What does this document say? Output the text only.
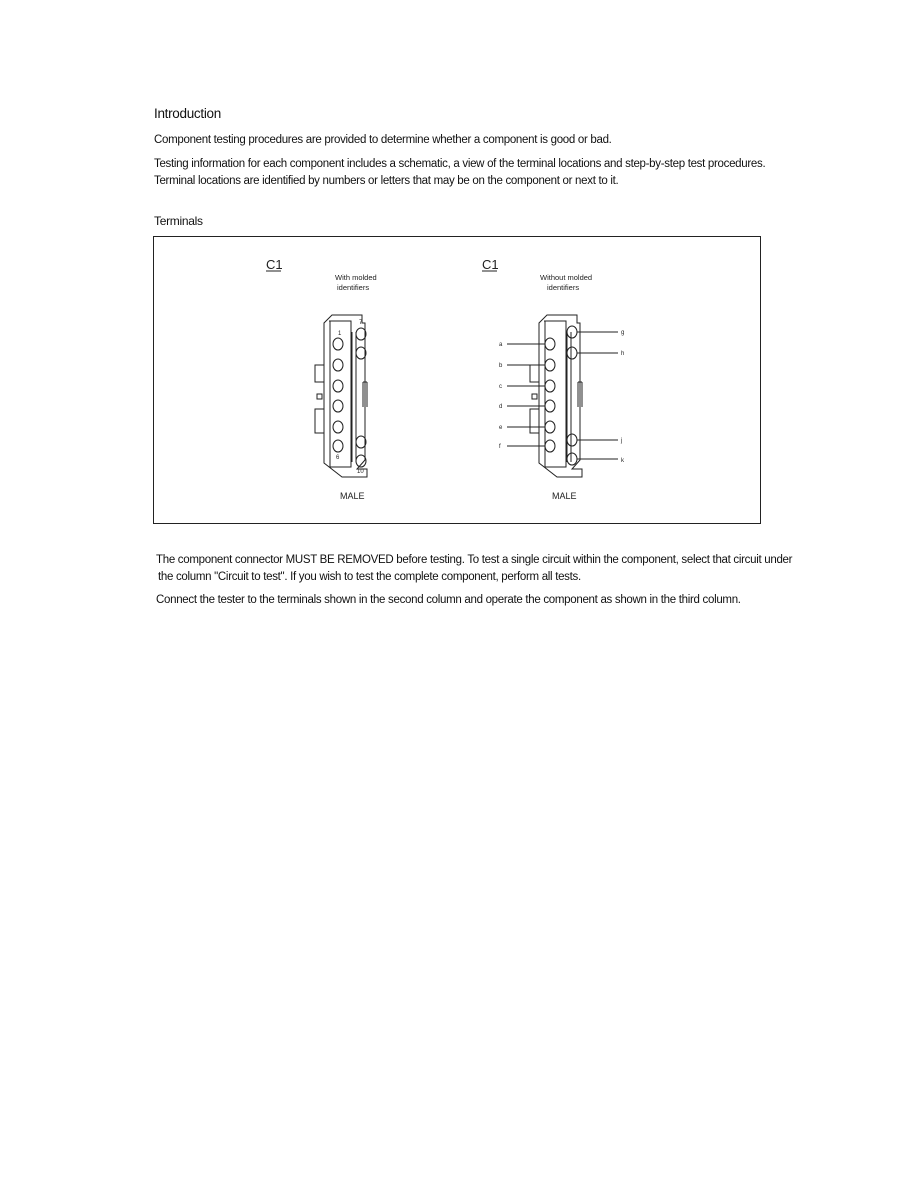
Introduction
Component testing procedures are provided to determine whether a component is good or bad.
Testing information for each component includes a schematic, a view of the terminal locations and step-by-step test procedures.
Terminal locations are identified by numbers or letters that may be on the component or next to it.
Terminals
C1
With molded
identifiers
7
1
6
10
MALE
C1
Without molded
identifiers
a
b
c
d
e
f
g
h
j
k
MALE
The component connector MUST BE REMOVED before testing. To test a single circuit within the component, select that circuit under
the column "Circuit to test". If you wish to test the complete component, perform all tests.
Connect the tester to the terminals shown in the second column and operate the component as shown in the third column.
